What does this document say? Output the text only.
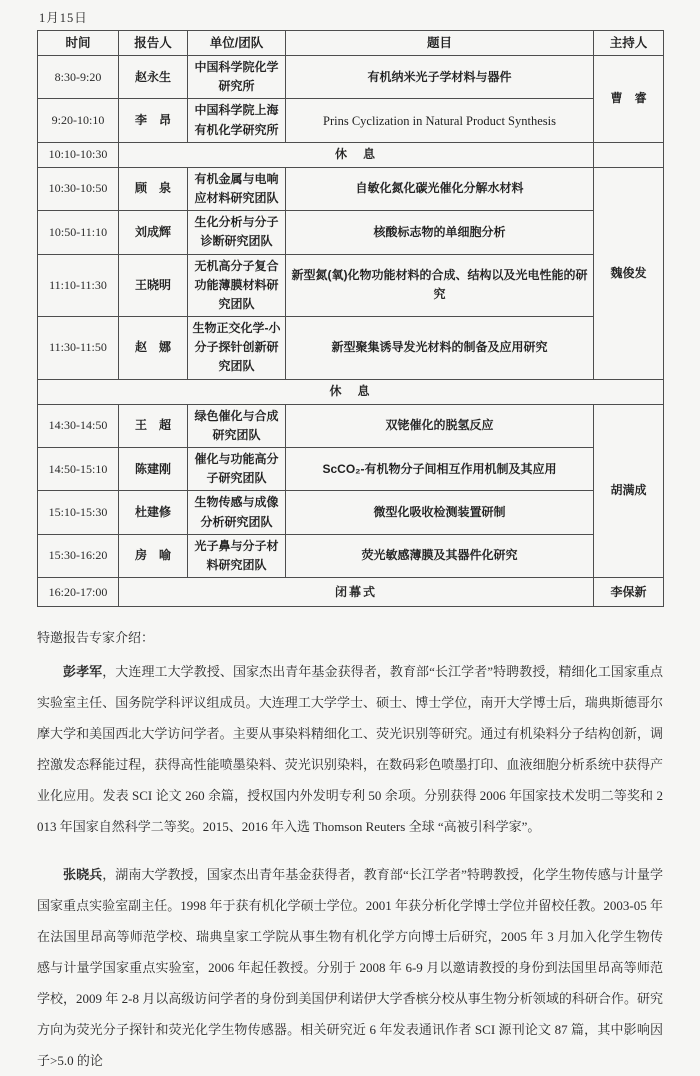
1月15日

时间	报告人	单位/团队	题目	主持人
8:30-9:20	赵永生	中国科学院化学研究所	有机纳米光子学材料与器件	曹　睿
9:20-10:10	李　昂	中国科学院上海有机化学研究所	Prins Cyclization in Natural Product Synthesis	
10:10-10:30	休　息			
10:30-10:50	顾　泉	有机金属与电响应材料研究团队	自敏化氮化碳光催化分解水材料	魏俊发
10:50-11:10	刘成辉	生化分析与分子诊断研究团队	核酸标志物的单细胞分析	
11:10-11:30	王晓明	无机高分子复合功能薄膜材料研究团队	新型氮(氧)化物功能材料的合成、结构以及光电性能的研究	
11:30-11:50	赵　娜	生物正交化学-小分子探针创新研究团队	新型聚集诱导发光材料的制备及应用研究	
休　息				
14:30-14:50	王　超	绿色催化与合成研究团队	双铑催化的脱氢反应	胡满成
14:50-15:10	陈建刚	催化与功能高分子研究团队	ScCO₂-有机物分子间相互作用机制及其应用	
15:10-15:30	杜建修	生物传感与成像分析研究团队	微型化吸收检测装置研制	
15:30-16:20	房　喻	光子鼻与分子材料研究团队	荧光敏感薄膜及其器件化研究	
16:20-17:00	闭幕式			李保新

特邀报告专家介绍：

彭孝军，大连理工大学教授、国家杰出青年基金获得者，教育部“长江学者”特聘教授，精细化工国家重点实验室主任、国务院学科评议组成员。大连理工大学学士、硕士、博士学位，南开大学博士后，瑞典斯德哥尔摩大学和美国西北大学访问学者。主要从事染料精细化工、荧光识别等研究。通过有机染料分子结构创新，调控激发态释能过程，获得高性能喷墨染料、荧光识别染料，在数码彩色喷墨打印、血液细胞分析系统中获得产业化应用。发表 SCI 论文 260 余篇，授权国内外发明专利 50 余项。分别获得 2006 年国家技术发明二等奖和 2013 年国家自然科学二等奖。2015、2016 年入选 Thomson Reuters 全球 “高被引科学家”。

张晓兵，湖南大学教授，国家杰出青年基金获得者，教育部“长江学者”特聘教授，化学生物传感与计量学国家重点实验室副主任。1998 年于获有机化学硕士学位。2001 年获分析化学博士学位并留校任教。2003-05 年在法国里昂高等师范学校、瑞典皇家工学院从事生物有机化学方向博士后研究，2005 年 3 月加入化学生物传感与计量学国家重点实验室，2006 年起任教授。分别于 2008 年 6-9 月以邀请教授的身份到法国里昂高等师范学校，2009 年 2-8 月以高级访问学者的身份到美国伊利诺伊大学香槟分校从事生物分析领域的科研合作。研究方向为荧光分子探针和荧光化学生物传感器。相关研究近 6 年发表通讯作者 SCI 源刊论文 87 篇，其中影响因子>5.0 的论
